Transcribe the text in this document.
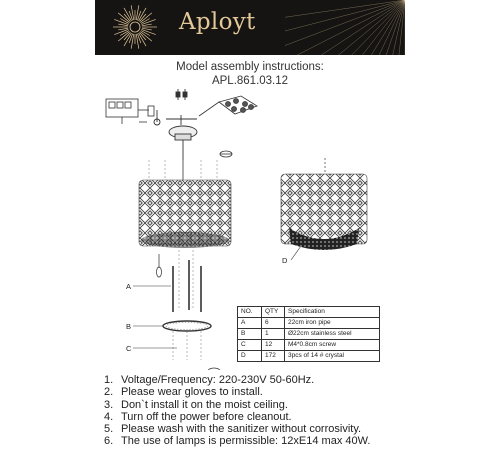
Aployt
Model assembly instructions:
APL.861.03.12
A
B
C
D
NO.	QTY	Specification
A	6	22cm iron pipe
B	1	Ø22cm stainless steel
C	12	M4*0.8cm screw
D	172	3pcs of 14 # crystal
1. Voltage/Frequency: 220-230V 50-60Hz.
2. Please wear gloves to install.
3. Don`t install it on the moist ceiling.
4. Turn off the power before cleanout.
5. Please wash with the sanitizer without corrosivity.
6. The use of lamps is permissible: 12xE14 max 40W.
